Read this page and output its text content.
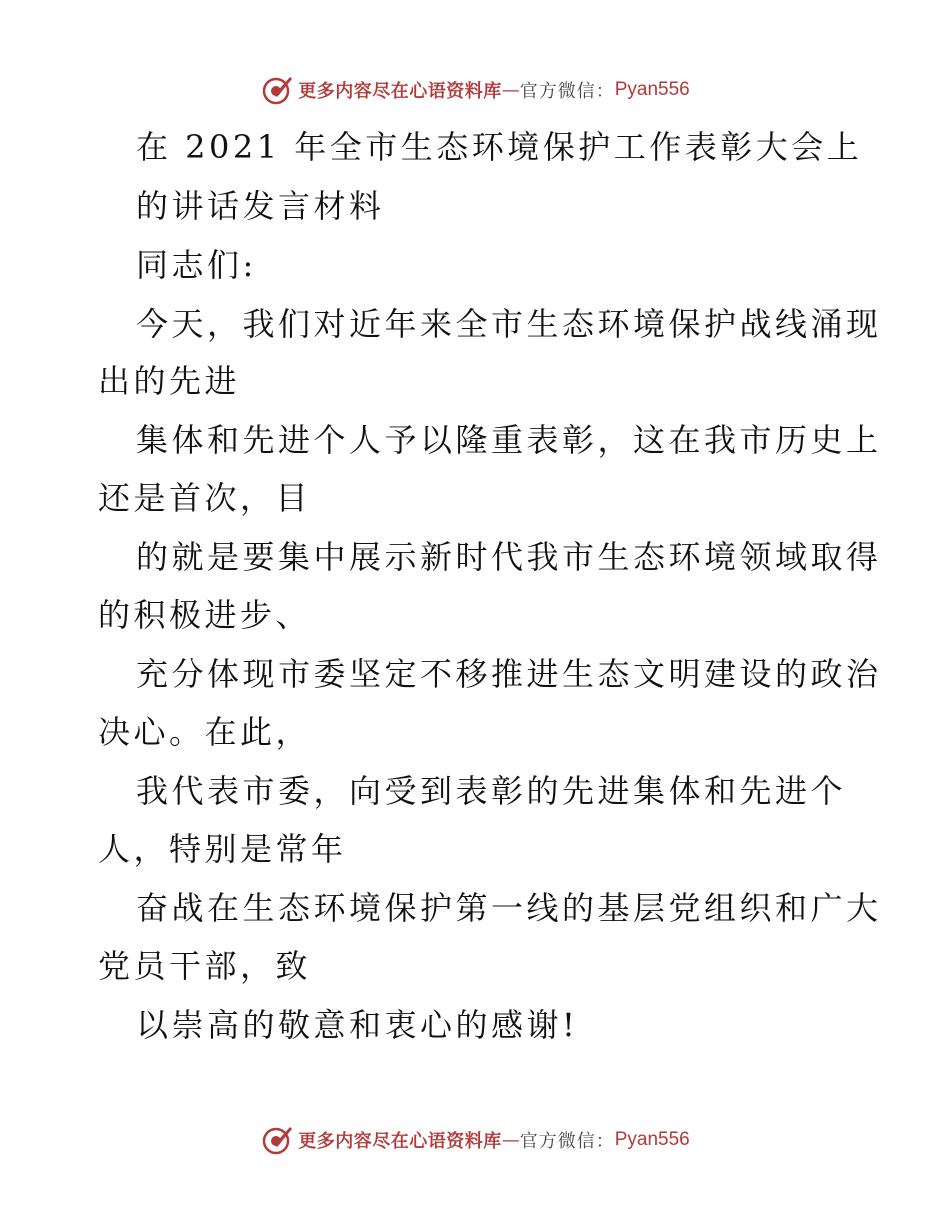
更多内容尽在心语资料库 — 官方微信： Pyan556
在 2021 年全市生态环境保护工作表彰大会上
的讲话发言材料
同志们:
今天，我们对近年来全市生态环境保护战线涌现
出的先进
集体和先进个人予以隆重表彰，这在我市历史上
还是首次，目
的就是要集中展示新时代我市生态环境领域取得
的积极进步、
充分体现市委坚定不移推进生态文明建设的政治
决心。在此，
我代表市委，向受到表彰的先进集体和先进个
人，特别是常年
奋战在生态环境保护第一线的基层党组织和广大
党员干部，致
以崇高的敬意和衷心的感谢!
更多内容尽在心语资料库 — 官方微信： Pyan556
